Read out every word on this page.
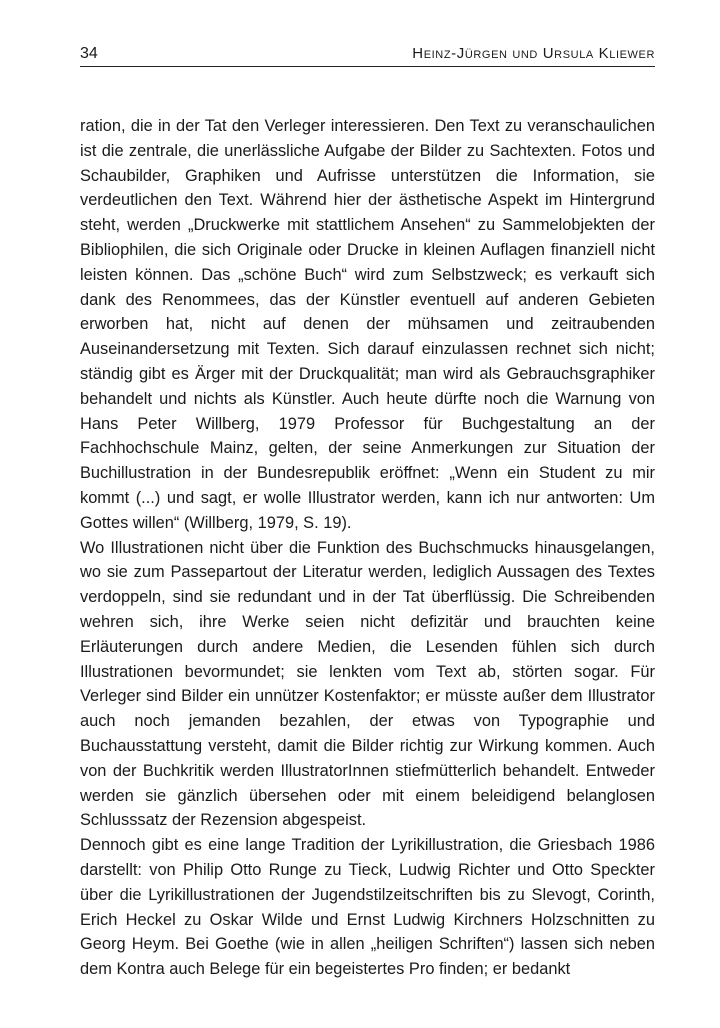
34	Heinz-Jürgen und Ursula Kliewer

ration, die in der Tat den Verleger interessieren. Den Text zu veranschaulichen ist die zentrale, die unerlässliche Aufgabe der Bilder zu Sachtexten. Fotos und Schaubilder, Graphiken und Aufrisse unterstützen die Information, sie verdeutlichen den Text. Während hier der ästhetische Aspekt im Hintergrund steht, werden „Druckwerke mit stattlichem Ansehen“ zu Sammelobjekten der Bibliophilen, die sich Originale oder Drucke in kleinen Auflagen finanziell nicht leisten können. Das „schöne Buch“ wird zum Selbstzweck; es verkauft sich dank des Renommees, das der Künstler eventuell auf anderen Gebieten erworben hat, nicht auf denen der mühsamen und zeitraubenden Auseinandersetzung mit Texten. Sich darauf einzulassen rechnet sich nicht; ständig gibt es Ärger mit der Druckqualität; man wird als Gebrauchsgraphiker behandelt und nichts als Künstler. Auch heute dürfte noch die Warnung von Hans Peter Willberg, 1979 Professor für Buchgestaltung an der Fachhochschule Mainz, gelten, der seine Anmerkungen zur Situation der Buchillustration in der Bundesrepublik eröffnet: „Wenn ein Student zu mir kommt (...) und sagt, er wolle Illustrator werden, kann ich nur antworten: Um Gottes willen“ (Willberg, 1979, S. 19).

Wo Illustrationen nicht über die Funktion des Buchschmucks hinausgelangen, wo sie zum Passepartout der Literatur werden, lediglich Aussagen des Textes verdoppeln, sind sie redundant und in der Tat überflüssig. Die Schreibenden wehren sich, ihre Werke seien nicht defizitär und brauchten keine Erläuterungen durch andere Medien, die Lesenden fühlen sich durch Illustrationen bevormundet; sie lenkten vom Text ab, störten sogar. Für Verleger sind Bilder ein unnützer Kostenfaktor; er müsste außer dem Illustrator auch noch jemanden bezahlen, der etwas von Typographie und Buchausstattung versteht, damit die Bilder richtig zur Wirkung kommen. Auch von der Buchkritik werden IllustratorInnen stiefmütterlich behandelt. Entweder werden sie gänzlich übersehen oder mit einem beleidigend belanglosen Schlusssatz der Rezension abgespeist.

Dennoch gibt es eine lange Tradition der Lyrikillustration, die Griesbach 1986 darstellt: von Philip Otto Runge zu Tieck, Ludwig Richter und Otto Speckter über die Lyrikillustrationen der Jugendstilzeitschriften bis zu Slevogt, Corinth, Erich Heckel zu Oskar Wilde und Ernst Ludwig Kirchners Holzschnitten zu Georg Heym. Bei Goethe (wie in allen „heiligen Schriften“) lassen sich neben dem Kontra auch Belege für ein begeistertes Pro finden; er bedankt
